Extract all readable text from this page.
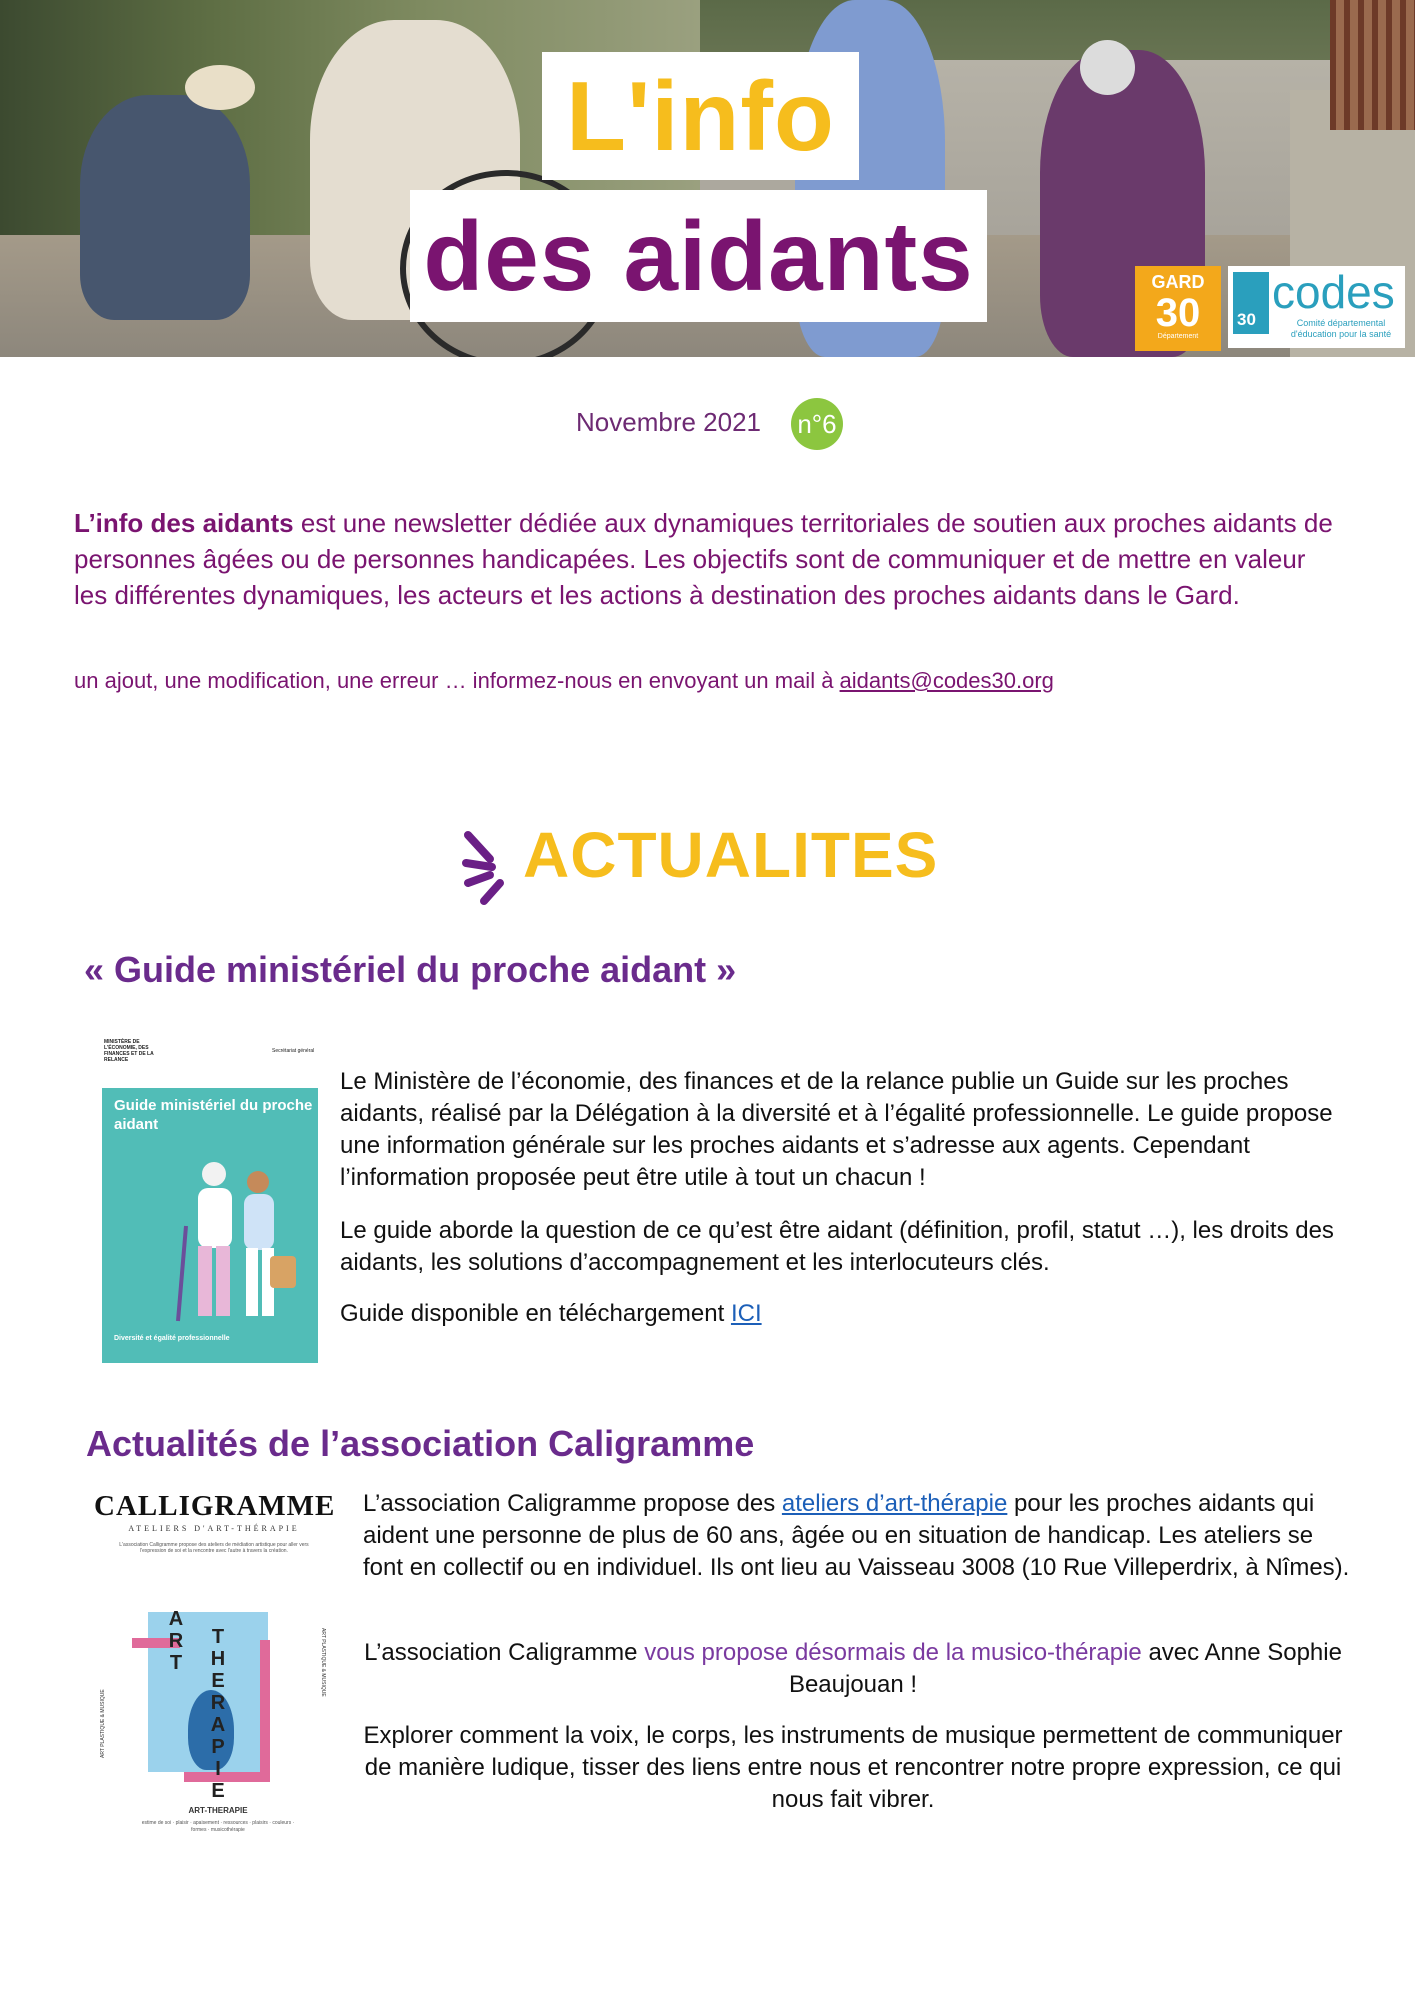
L'info
des aidants	GARD
30
Département
30
codes
Comité départemental d'éducation pour la santé
Novembre 2021 n°6
L’info des aidants est une newsletter dédiée aux dynamiques territoriales de soutien aux proches aidants de personnes âgées ou de personnes handicapées. Les objectifs sont de communiquer et de mettre en valeur les différentes dynamiques, les acteurs et les actions à destination des proches aidants dans le Gard.
un ajout, une modification, une erreur … informez-nous en envoyant un mail à aidants@codes30.org
ACTUALITES
« Guide ministériel du proche aidant »
MINISTÈRE DE L'ÉCONOMIE, DES FINANCES ET DE LA RELANCE
Secrétariat général
Guide ministériel du proche aidant
Diversité et égalité professionnelle
Le Ministère de l’économie, des finances et de la relance publie un Guide sur les proches aidants, réalisé par la Délégation à la diversité et à l’égalité professionnelle. Le guide propose une information générale sur les proches aidants et s’adresse aux agents. Cependant l’information proposée peut être utile à tout un chacun !
Le guide aborde la question de ce qu’est être aidant (définition, profil, statut …), les droits des aidants, les solutions d’accompagnement et les interlocuteurs clés.
Guide disponible en téléchargement ICI
Actualités de l’association Caligramme
CALLIGRAMME
ATELIERS D'ART-THÉRAPIE
L'association Calligramme propose des ateliers de médiation artistique pour aller vers l'expression de soi et la rencontre avec l'autre à travers la création.
A
R
T
T
H
E
R
A
P
I
E
ART PLASTIQUE & MUSIQUE
ART PLASTIQUE & MUSIQUE
ART-THERAPIE
estime de soi · plaisir · apaisement · ressources · plaisirs · couleurs · formes · musicothérapie
L’association Caligramme propose des ateliers d’art-thérapie pour les proches aidants qui aident une personne de plus de 60 ans, âgée ou en situation de handicap. Les ateliers se font en collectif ou en individuel. Ils ont lieu au Vaisseau 3008 (10 Rue Villeperdrix, à Nîmes).
L’association Caligramme vous propose désormais de la musico-thérapie avec Anne Sophie Beaujouan !
Explorer comment la voix, le corps, les instruments de musique permettent de communiquer de manière ludique, tisser des liens entre nous et rencontrer notre propre expression, ce qui nous fait vibrer.
